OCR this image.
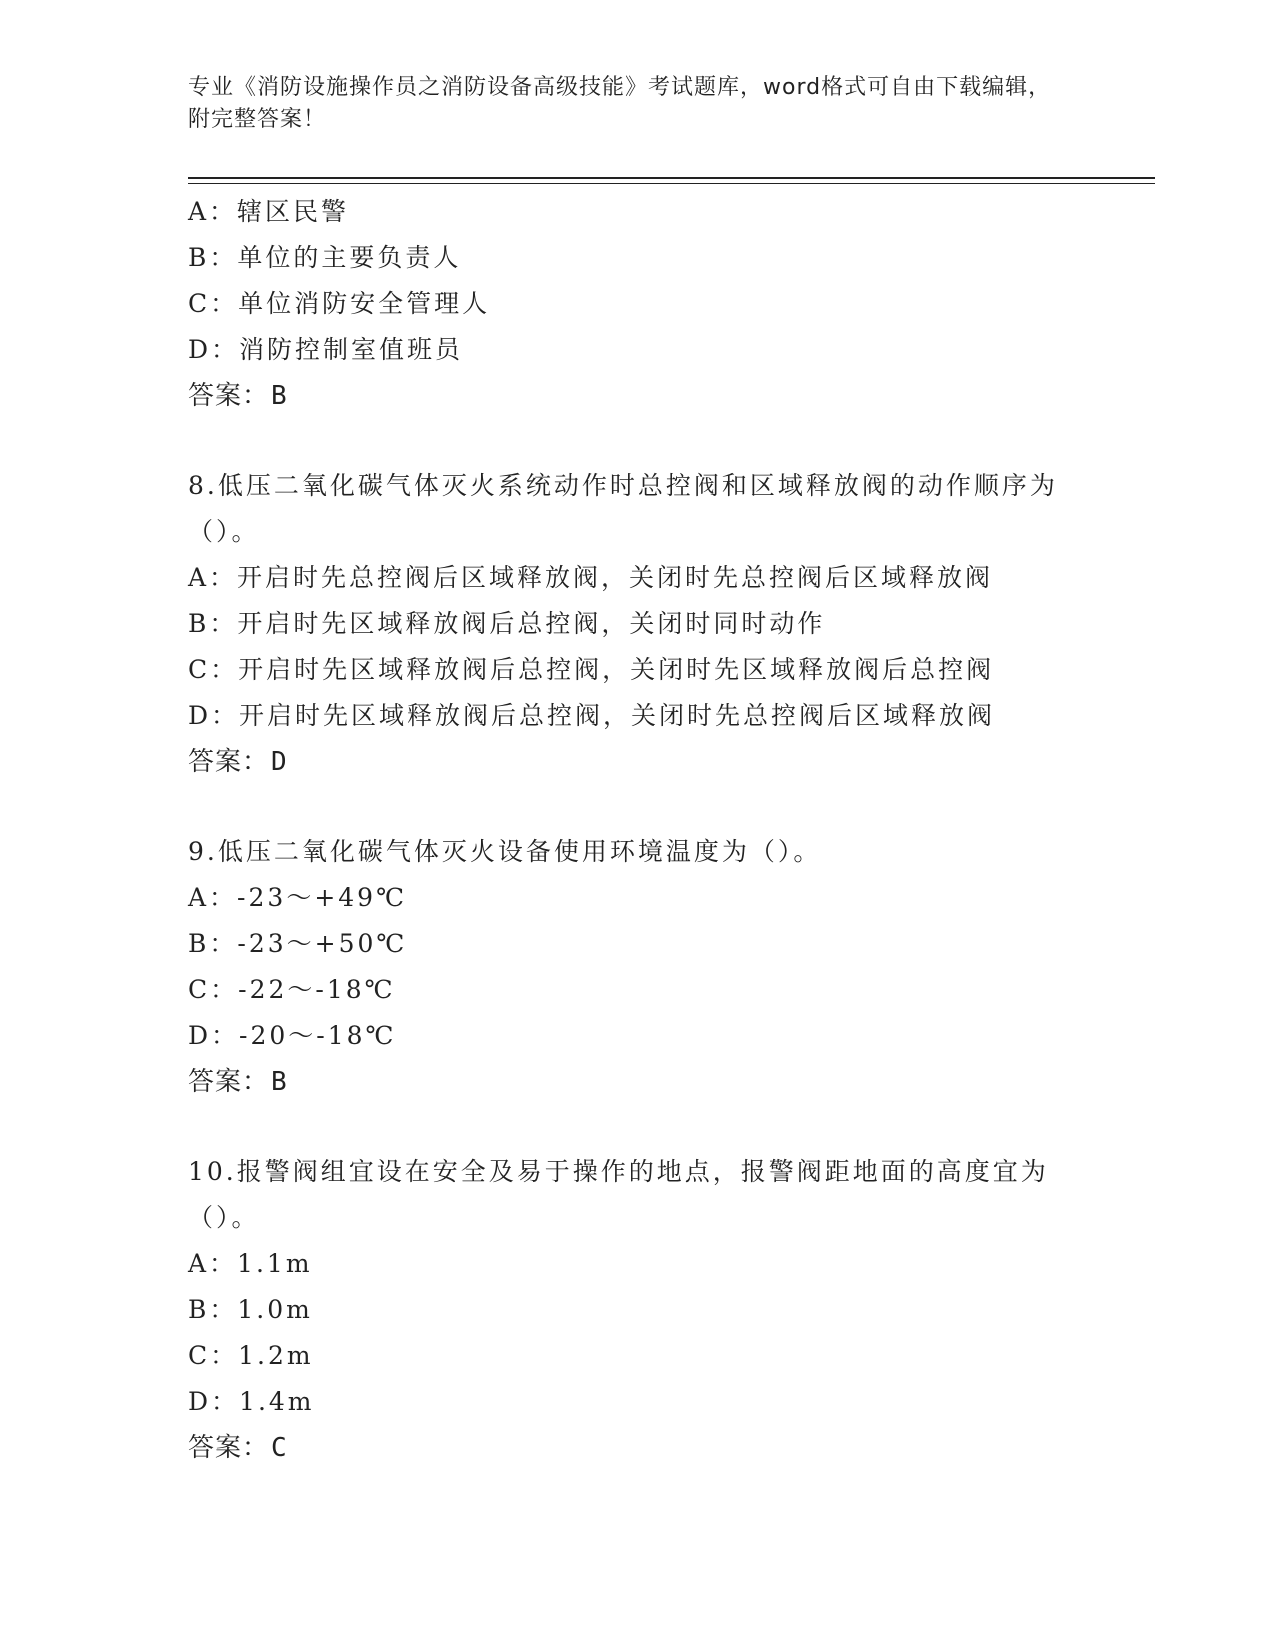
专业《消防设施操作员之消防设备高级技能》考试题库，word格式可自由下载编辑，附完整答案！
A：辖区民警
B：单位的主要负责人
C：单位消防安全管理人
D：消防控制室值班员
答案：B
8.低压二氧化碳气体灭火系统动作时总控阀和区域释放阀的动作顺序为（）。
A：开启时先总控阀后区域释放阀，关闭时先总控阀后区域释放阀
B：开启时先区域释放阀后总控阀，关闭时同时动作
C：开启时先区域释放阀后总控阀，关闭时先区域释放阀后总控阀
D：开启时先区域释放阀后总控阀，关闭时先总控阀后区域释放阀
答案：D
9.低压二氧化碳气体灭火设备使用环境温度为（）。
A：-23～+49℃
B：-23～+50℃
C：-22～-18℃
D：-20～-18℃
答案：B
10.报警阀组宜设在安全及易于操作的地点，报警阀距地面的高度宜为（）。
A：1.1m
B：1.0m
C：1.2m
D：1.4m
答案：C
